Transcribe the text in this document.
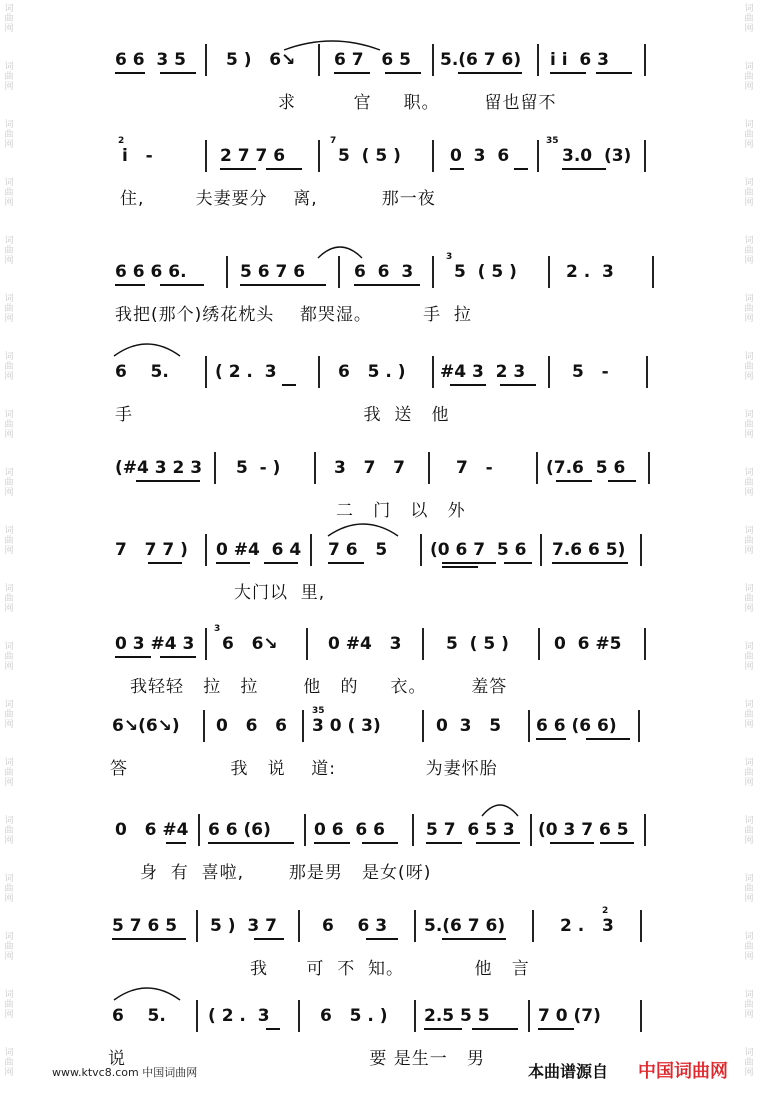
词
曲
网
词
曲
网
词
曲
网
词
曲
网
词
曲
网
词
曲
网
词
曲
网
词
曲
网
词
曲
网
词
曲
网
词
曲
网
词
曲
网
词
曲
网
词
曲
网
词
曲
网
词
曲
网
词
曲
网
词
曲
网
词
曲
网
词
曲
网
词
曲
网
词
曲
网
词
曲
网
词
曲
网
词
曲
网
词
曲
网
词
曲
网
词
曲
网
词
曲
网
词
曲
网
词
曲
网
词
曲
网
词
曲
网
词
曲
网
词
曲
网
词
曲
网
词
曲
网
词
曲
网
6 6  3 5 5 )   6↘ 6 7   6 5 5.(6 7 6) i i  6 3
求         官     职。       留也留不
2
i   -	2 7 7 6
7
5  ( 5 )	0  3  6
35
3.0  (3)
住,        夫妻要分    离,          那一夜
6 6 6 6.	5 6 7 6	6  6  3
3
5  ( 5 )	2 .  3
我把(那个)绣花枕头    都哭湿。        手  拉
6    5.	( 2 .  3	6   5 . ) #4 3  2 3	5   -
手                                    我  送   他
(#4 3 2 3 5  - )	3   7   7	7   -	(7.6  5 6
二   门   以   外
7   7 7 ) 0 #4  6 4 7 6   5	(0 6 7  5 6 7.6 6 5)
大门以  里,
0 3 #4 3
3
6   6↘	0 #4   3	5  ( 5 )	0  6 #5
我轻轻   拉   拉       他   的     衣。       羞答
6↘(6↘) 0   6   6
35
3 0 ( 3)	0  3   5 6 6 (6 6)
答                我   说    道:              为妻怀胎
0   6 #4 6 6 (6)	0 6  6 6 5 7  6 5 3 (0 3 7 6 5
身  有  喜啦,       那是男   是女(呀)
5 7 6 5 5 )  3 7	6    6 3 5.(6 7 6)
2
2 .   3
我      可  不  知。           他   言
6    5. ( 2 .  3	6   5 . ) 2.5 5 5	7 0 (7)
说                                      要 是生一   男
www.ktvc8.com 中国词曲网	本曲谱源自 中国词曲网
